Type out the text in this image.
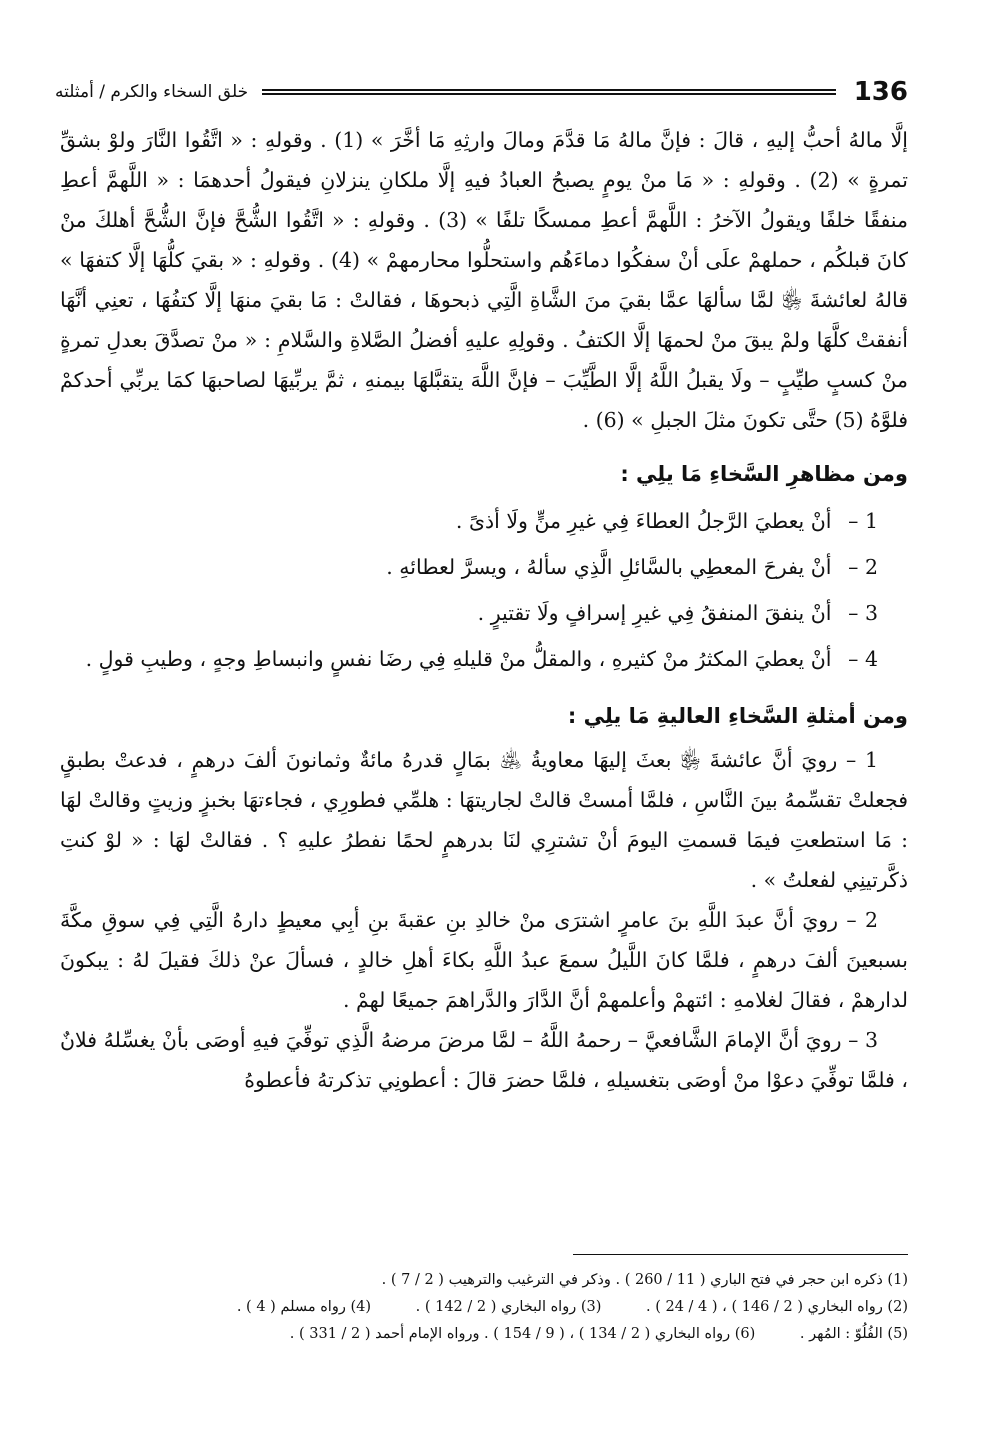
136
خلق السخاء والكرم / أمثلته

إلَّا مالهُ أحبُّ إليهِ ، قالَ : فإنَّ مالهُ مَا قدَّمَ ومالَ وارثِهِ مَا أخَّرَ » (1) . وقولهِ : « اتَّقُوا النَّارَ ولوْ بشقِّ تمرةٍ » (2) . وقولهِ : « مَا منْ يومٍ يصبحُ العبادُ فيهِ إلَّا ملكانِ ينزلانِ فيقولُ أحدهمَا : « اللَّهمَّ أعطِ منفقًا خلفًا ويقولُ الآخرُ : اللَّهمَّ أعطِ ممسكًا تلفًا » (3) . وقولهِ : « اتَّقُوا الشُّحَّ فإنَّ الشُّحَّ أهلكَ منْ كانَ قبلكُم ، حملهمْ علَى أنْ سفكُوا دماءَهُم واستحلُّوا محارمهمْ » (4) . وقولهِ : « بقيَ كلُّهَا إلَّا كتفهَا » قالهُ لعائشةَ ﵂ لمَّا سألهَا عمَّا بقيَ منَ الشَّاةِ الَّتِي ذبحوهَا ، فقالتْ : مَا بقيَ منهَا إلَّا كتفُهَا ، تعنِي أنَّهَا أنفقتْ كلَّهَا ولمْ يبقَ منْ لحمهَا إلَّا الكتفُ . وقولِهِ عليهِ أفضلُ الصَّلاةِ والسَّلامِ : « منْ تصدَّقَ بعدلِ تمرةٍ منْ كسبٍ طيِّبٍ – ولَا يقبلُ اللَّهُ إلَّا الطَّيِّبَ – فإنَّ اللَّهَ يتقبَّلهَا بيمنهِ ، ثمَّ يربِّيهَا لصاحبهَا كمَا يربِّي أحدكمْ فلوَّهُ (5) حتَّى تكونَ مثلَ الجبلِ » (6) .

ومن مظاهرِ السَّخاءِ مَا يلِي :
1 – أنْ يعطيَ الرَّجلُ العطاءَ فِي غيرِ منٍّ ولَا أذىً .
2 – أنْ يفرحَ المعطِي بالسَّائلِ الَّذِي سألهُ ، ويسرَّ لعطائهِ .
3 – أنْ ينفقَ المنفقُ فِي غيرِ إسرافٍ ولَا تقتيرٍ .
4 – أنْ يعطيَ المكثرُ منْ كثيرهِ ، والمقلُّ منْ قليلهِ فِي رضَا نفسٍ وانبساطِ وجهٍ ، وطيبِ قولٍ .
ومن أمثلةِ السَّخاءِ العاليةِ مَا يلِي :

1 – رويَ أنَّ عائشةَ ﵂ بعثَ إليهَا معاويةُ ﵁ بمَالٍ قدرهُ مائةٌ وثمانونَ ألفَ درهمٍ ، فدعتْ بطبقٍ فجعلتْ تقسِّمهُ بينَ النَّاسِ ، فلمَّا أمستْ قالتْ لجاريتهَا : هلمِّي فطورِي ، فجاءتهَا بخبزٍ وزيتٍ وقالتْ لهَا : مَا استطعتِ فيمَا قسمتِ اليومَ أنْ تشترِي لنَا بدرهمٍ لحمًا نفطرُ عليهِ ؟ . فقالتْ لهَا : « لوْ كنتِ ذكَّرتينِي لفعلتُ » .

2 – رويَ أنَّ عبدَ اللَّهِ بنَ عامرٍ اشترَى منْ خالدِ بنِ عقبةَ بنِ أبِي معيطٍ دارهُ الَّتِي فِي سوقِ مكَّةَ بسبعينَ ألفَ درهمٍ ، فلمَّا كانَ اللَّيلُ سمعَ عبدُ اللَّهِ بكاءَ أهلِ خالدٍ ، فسألَ عنْ ذلكَ فقيلَ لهُ : يبكونَ لدارهمْ ، فقالَ لغلامهِ : ائتهمْ وأعلمهمْ أنَّ الدَّارَ والدَّراهمَ جميعًا لهمْ .

3 – رويَ أنَّ الإمامَ الشَّافعيَّ – رحمهُ اللَّهُ – لمَّا مرضَ مرضهُ الَّذِي توفِّيَ فيهِ أوصَى بأنْ يغسِّلهُ فلانٌ ، فلمَّا توفِّيَ دعوْا منْ أوصَى بتغسيلهِ ، فلمَّا حضرَ قالَ : أعطونِي تذكرتهُ فأعطوهُ

(1) ذكره ابن حجر في فتح الباري ( 11 / 260 ) . وذكر في الترغيب والترهيب ( 2 / 7 ) .
(2) رواه البخاري ( 2 / 146 ) ، ( 4 / 24 ) . (3) رواه البخاري ( 2 / 142 ) . (4) رواه مسلم ( 4 ) .
(5) الفُلُوّ : المُهر . (6) رواه البخاري ( 2 / 134 ) ، ( 9 / 154 ) . ورواه الإمام أحمد ( 2 / 331 ) .
